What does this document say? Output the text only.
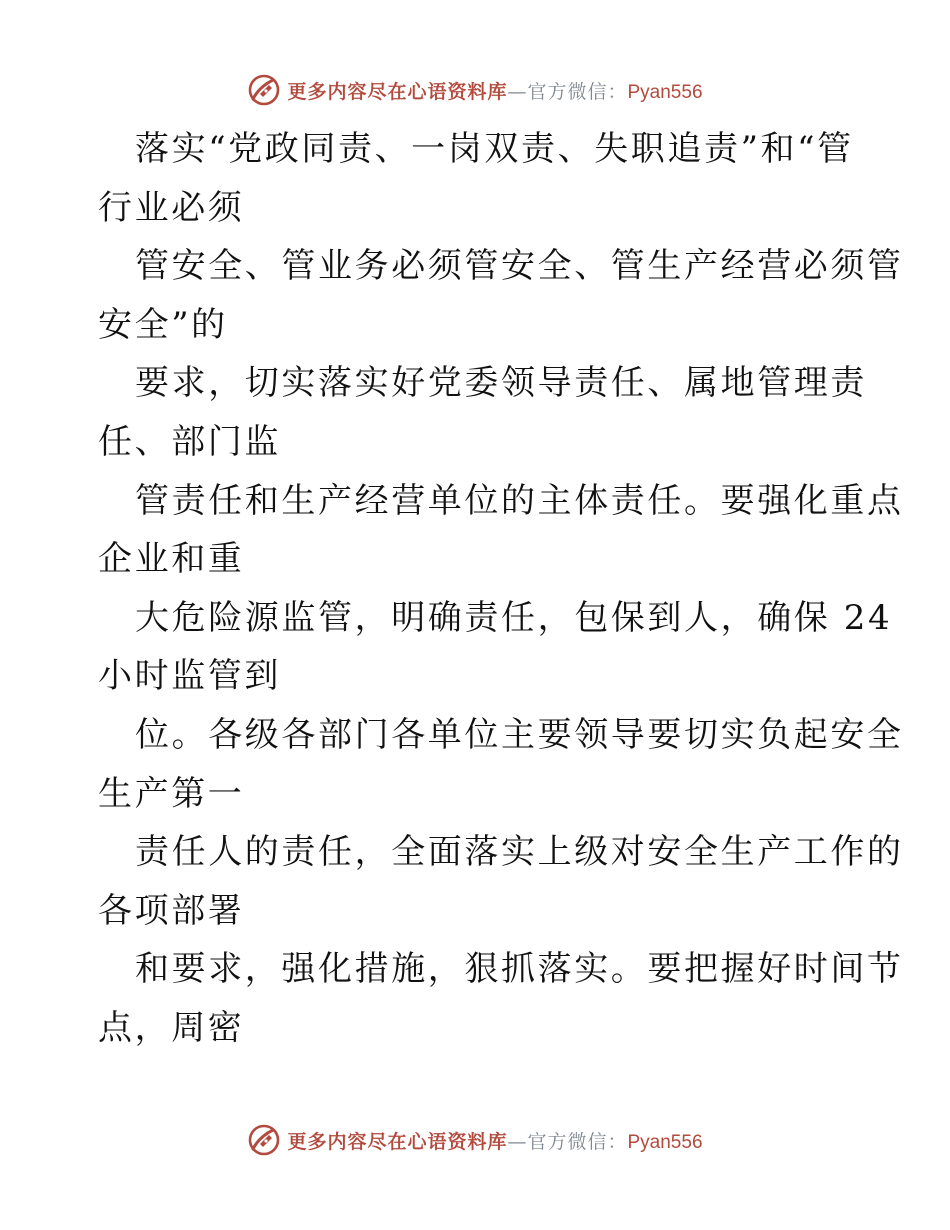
更多内容尽在心语资料库 — 官方微信： Pyan556
落实“党政同责、一岗双责、失职追责”和“管
行业必须
管安全、管业务必须管安全、管生产经营必须管
安全”的
要求，切实落实好党委领导责任、属地管理责
任、部门监
管责任和生产经营单位的主体责任。要强化重点
企业和重
大危险源监管，明确责任，包保到人，确保 24
小时监管到
位。各级各部门各单位主要领导要切实负起安全
生产第一
责任人的责任，全面落实上级对安全生产工作的
各项部署
和要求，强化措施，狠抓落实。要把握好时间节
点，周密
更多内容尽在心语资料库 — 官方微信： Pyan556
